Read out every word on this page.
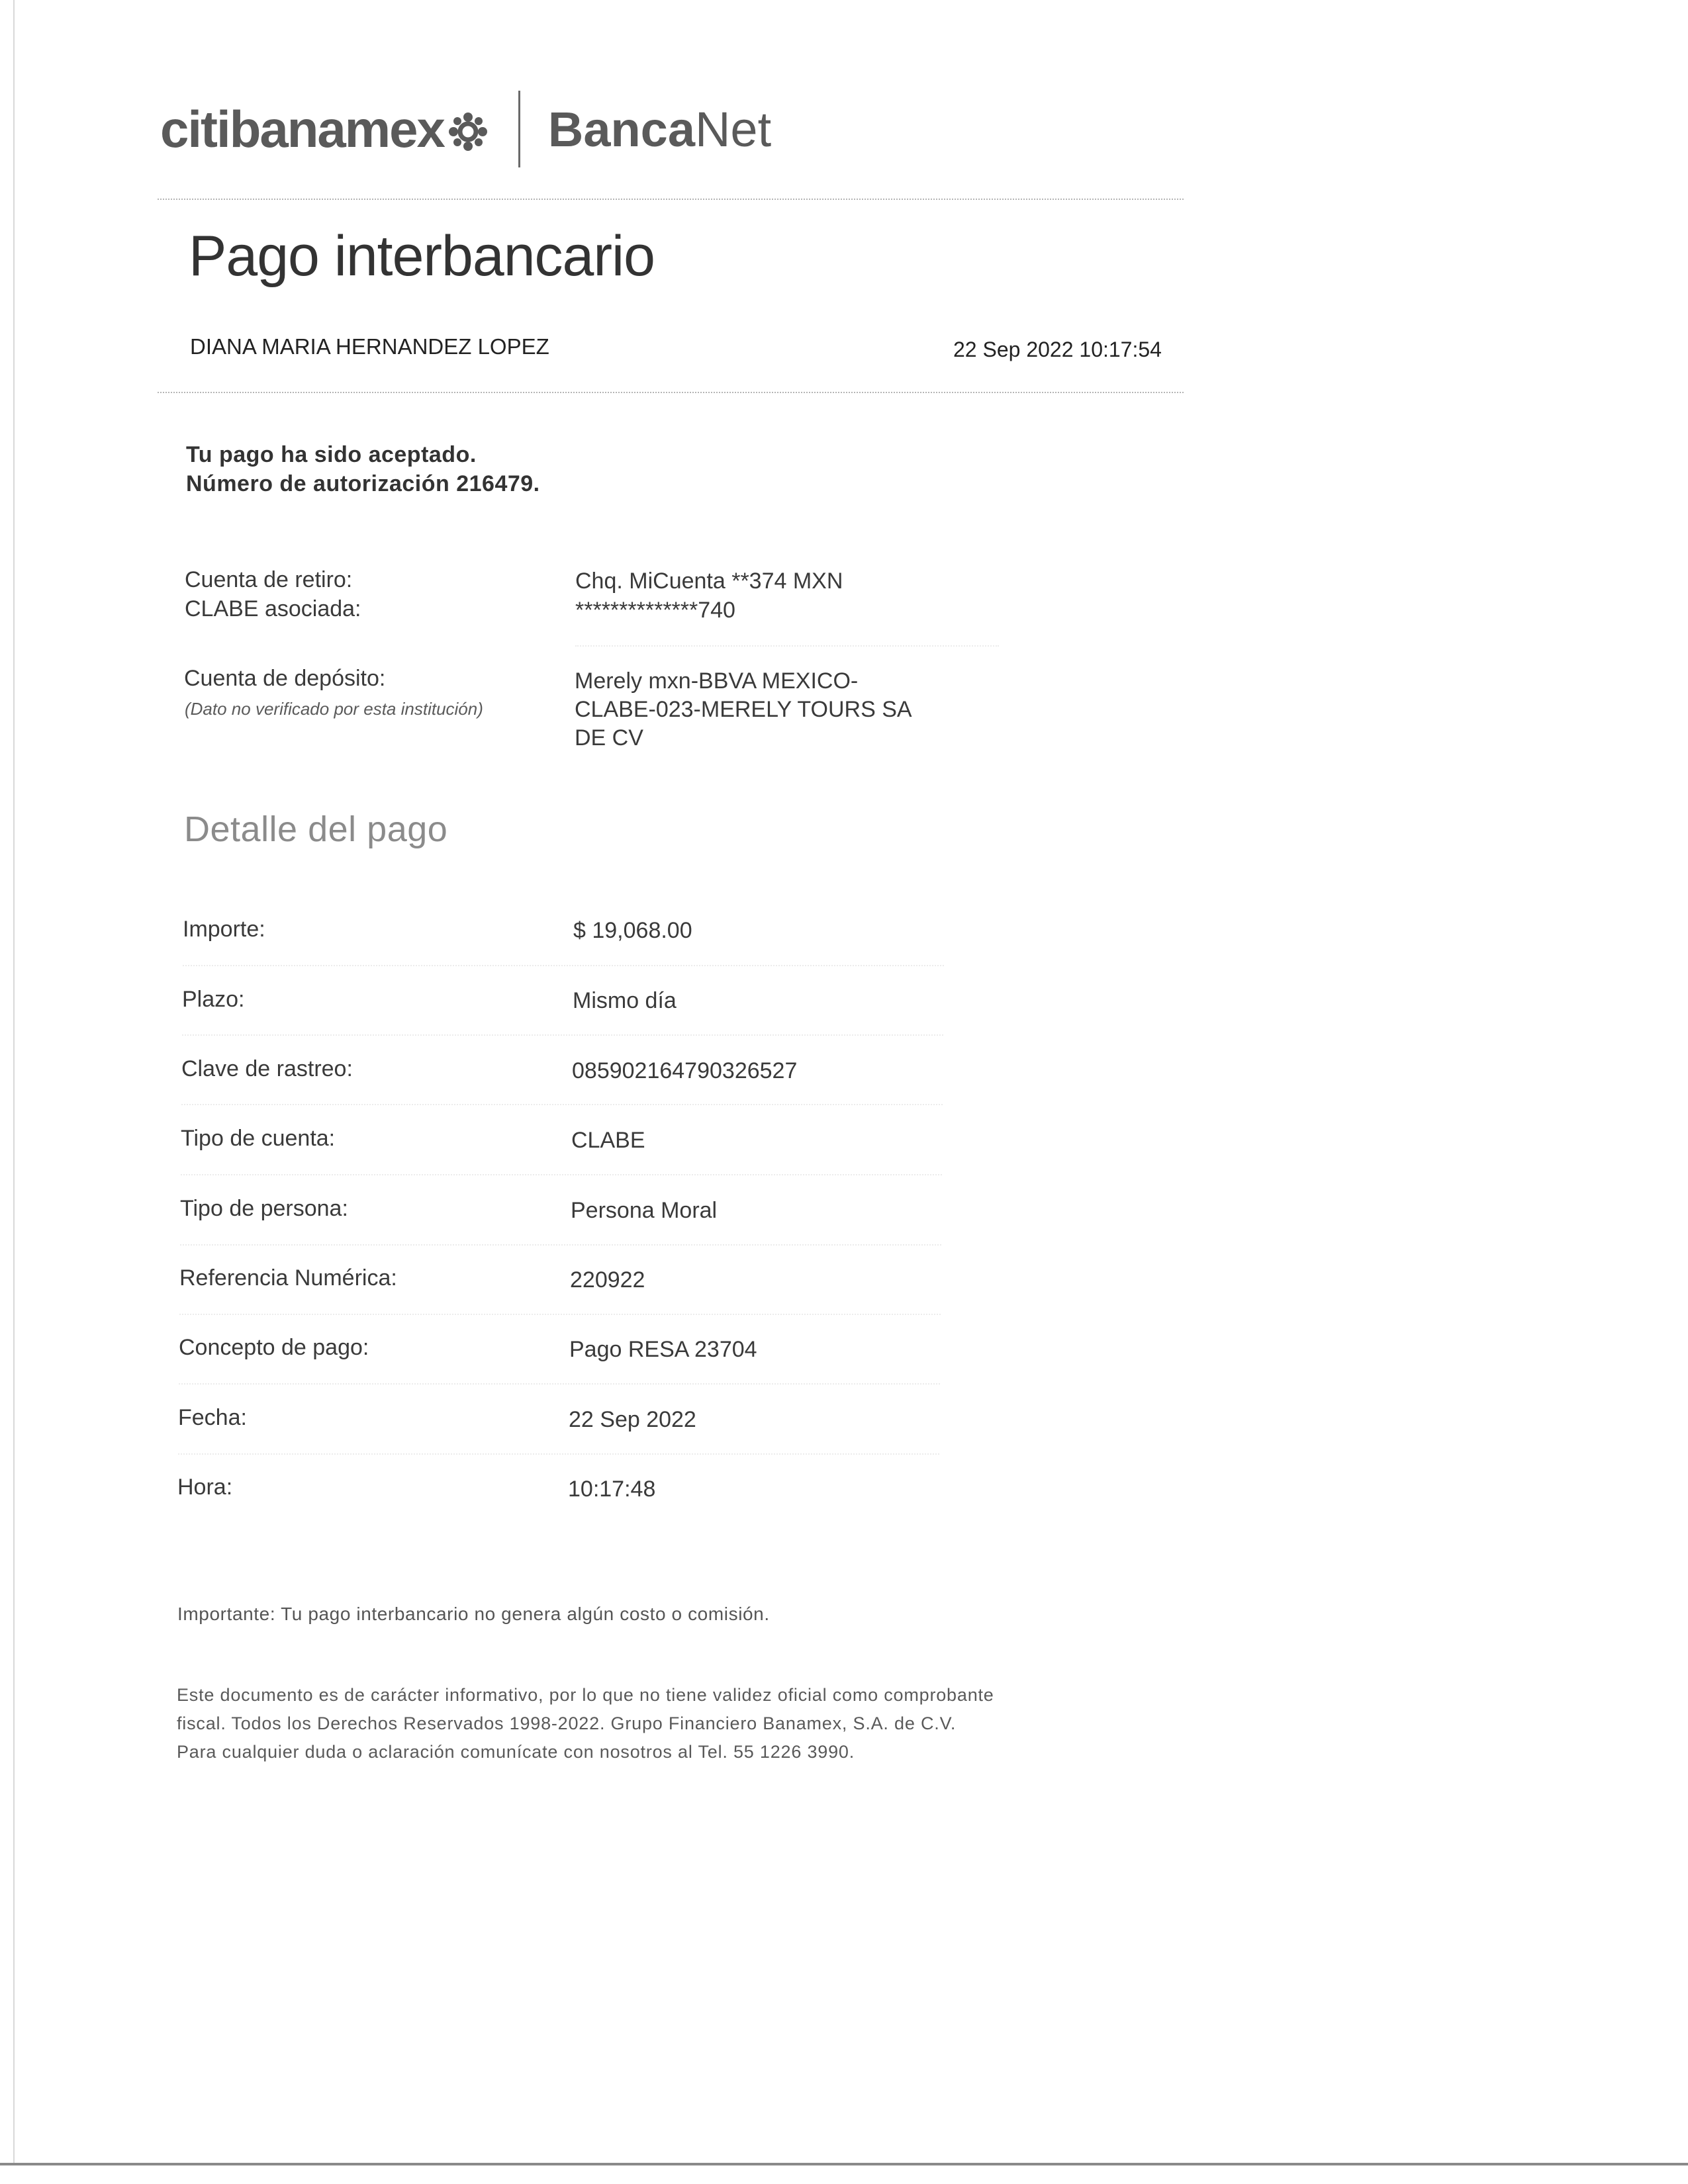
citi banamex Banca Net
Pago interbancario
DIANA MARIA HERNANDEZ LOPEZ	22 Sep 2022 10:17:54
Tu pago ha sido aceptado.
Número de autorización 216479.
Cuenta de retiro:	Chq. MiCuenta **374 MXN
CLABE asociada:	**************740
Cuenta de depósito:
(Dato no verificado por esta institución)
Merely mxn-BBVA MEXICO-
CLABE-023-MERELY TOURS SA
DE CV
Detalle del pago
Importe:	$ 19,068.00
Plazo:	Mismo día
Clave de rastreo:	085902164790326527
Tipo de cuenta:	CLABE
Tipo de persona:	Persona Moral
Referencia Numérica:	220922
Concepto de pago:	Pago RESA 23704
Fecha:	22 Sep 2022
Hora:	10:17:48
Importante: Tu pago interbancario no genera algún costo o comisión.
Este documento es de carácter informativo, por lo que no tiene validez oficial como comprobante
fiscal. Todos los Derechos Reservados 1998-2022. Grupo Financiero Banamex, S.A. de C.V.
Para cualquier duda o aclaración comunícate con nosotros al Tel. 55 1226 3990.
